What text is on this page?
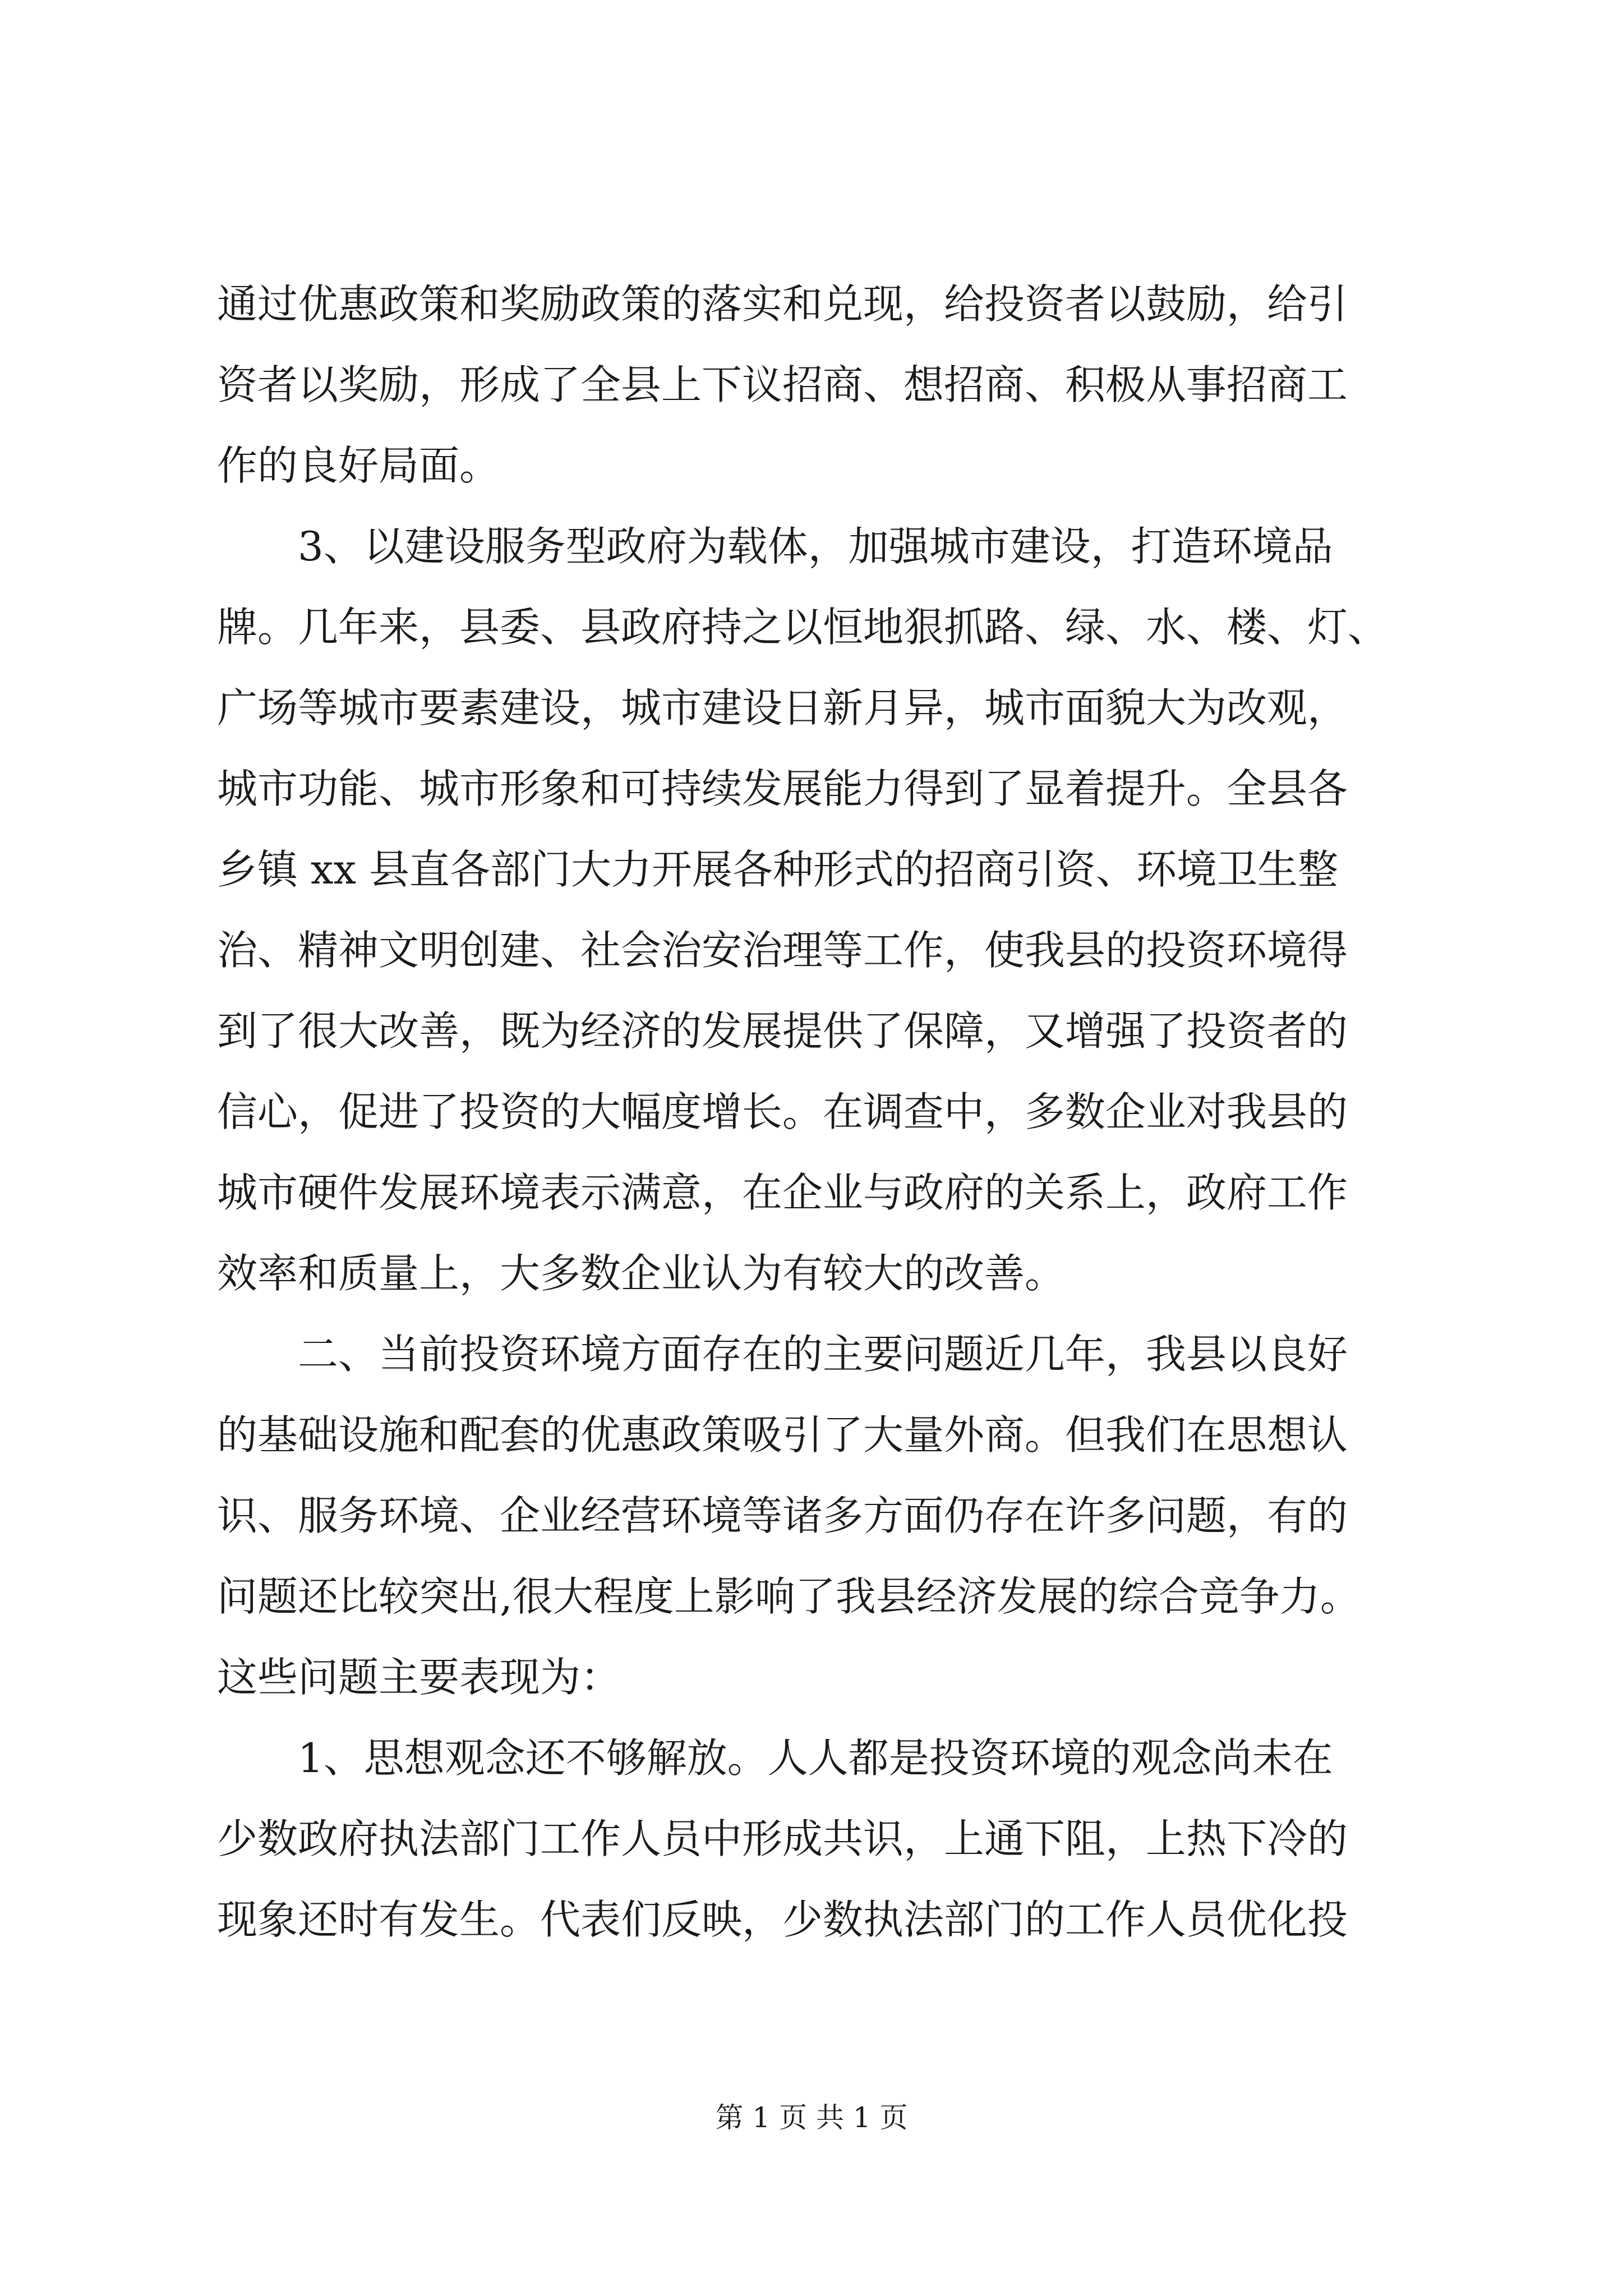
通过优惠政策和奖励政策的落实和兑现，给投资者以鼓励，给引
资者以奖励，形成了全县上下议招商、想招商、积极从事招商工
作的良好局面。
3、以建设服务型政府为载体，加强城市建设，打造环境品
牌。几年来，县委、县政府持之以恒地狠抓路、绿、水、楼、灯、
广场等城市要素建设，城市建设日新月异，城市面貌大为改观，
城市功能、城市形象和可持续发展能力得到了显着提升。全县各
乡镇 xx 县直各部门大力开展各种形式的招商引资、环境卫生整
治、精神文明创建、社会治安治理等工作，使我县的投资环境得
到了很大改善，既为经济的发展提供了保障，又增强了投资者的
信心，促进了投资的大幅度增长。在调查中，多数企业对我县的
城市硬件发展环境表示满意，在企业与政府的关系上，政府工作
效率和质量上，大多数企业认为有较大的改善。
二、当前投资环境方面存在的主要问题近几年，我县以良好
的基础设施和配套的优惠政策吸引了大量外商。但我们在思想认
识、服务环境、企业经营环境等诸多方面仍存在许多问题，有的
问题还比较突出,很大程度上影响了我县经济发展的综合竞争力。
这些问题主要表现为：
1、思想观念还不够解放。人人都是投资环境的观念尚未在
少数政府执法部门工作人员中形成共识，上通下阻，上热下冷的
现象还时有发生。代表们反映，少数执法部门的工作人员优化投
第 1 页 共 1 页
